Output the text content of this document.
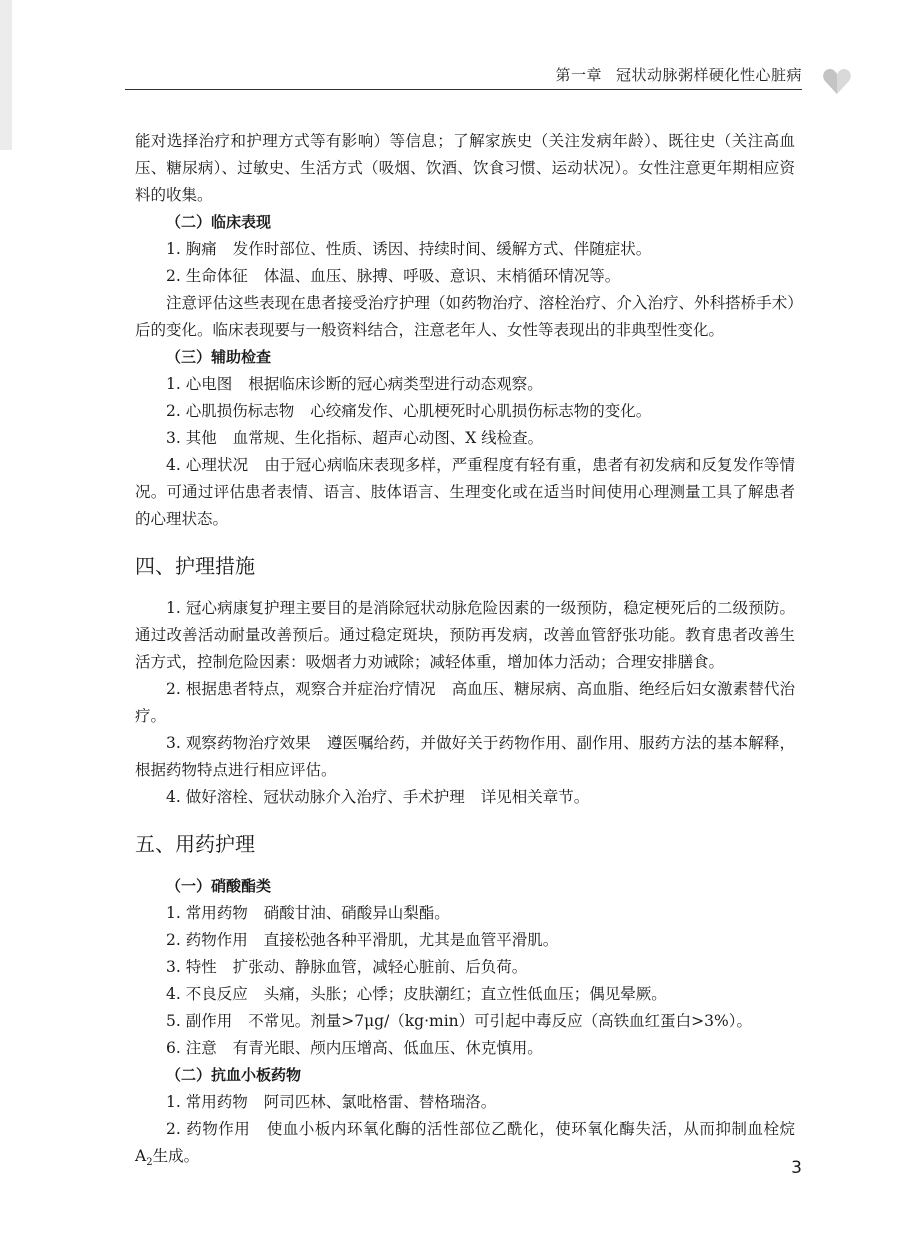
第一章 冠状动脉粥样硬化性心脏病

能对选择治疗和护理方式等有影响）等信息；了解家族史（关注发病年龄）、既往史（关注高血压、糖尿病）、过敏史、生活方式（吸烟、饮酒、饮食习惯、运动状况）。女性注意更年期相应资料的收集。

（二）临床表现

1. 胸痛 发作时部位、性质、诱因、持续时间、缓解方式、伴随症状。

2. 生命体征 体温、血压、脉搏、呼吸、意识、末梢循环情况等。

注意评估这些表现在患者接受治疗护理（如药物治疗、溶栓治疗、介入治疗、外科搭桥手术）后的变化。临床表现要与一般资料结合，注意老年人、女性等表现出的非典型性变化。

（三）辅助检查

1. 心电图 根据临床诊断的冠心病类型进行动态观察。

2. 心肌损伤标志物 心绞痛发作、心肌梗死时心肌损伤标志物的变化。

3. 其他 血常规、生化指标、超声心动图、X 线检查。

4. 心理状况 由于冠心病临床表现多样，严重程度有轻有重，患者有初发病和反复发作等情况。可通过评估患者表情、语言、肢体语言、生理变化或在适当时间使用心理测量工具了解患者的心理状态。

四、护理措施

1. 冠心病康复护理主要目的是消除冠状动脉危险因素的一级预防，稳定梗死后的二级预防。通过改善活动耐量改善预后。通过稳定斑块，预防再发病，改善血管舒张功能。教育患者改善生活方式，控制危险因素：吸烟者力劝诫除；减轻体重，增加体力活动；合理安排膳食。

2. 根据患者特点，观察合并症治疗情况 高血压、糖尿病、高血脂、绝经后妇女激素替代治疗。

3. 观察药物治疗效果 遵医嘱给药，并做好关于药物作用、副作用、服药方法的基本解释，根据药物特点进行相应评估。

4. 做好溶栓、冠状动脉介入治疗、手术护理 详见相关章节。

五、用药护理
（一）硝酸酯类

1. 常用药物 硝酸甘油、硝酸异山梨酯。

2. 药物作用 直接松弛各种平滑肌，尤其是血管平滑肌。

3. 特性 扩张动、静脉血管，减轻心脏前、后负荷。

4. 不良反应 头痛，头胀；心悸；皮肤潮红；直立性低血压；偶见晕厥。

5. 副作用 不常见。剂量>7μg/（kg·min）可引起中毒反应（高铁血红蛋白>3%）。

6. 注意 有青光眼、颅内压增高、低血压、休克慎用。

（二）抗血小板药物

1. 常用药物 阿司匹林、氯吡格雷、替格瑞洛。

2. 药物作用 使血小板内环氧化酶的活性部位乙酰化，使环氧化酶失活，从而抑制血栓烷 $A_2$生成。

3
